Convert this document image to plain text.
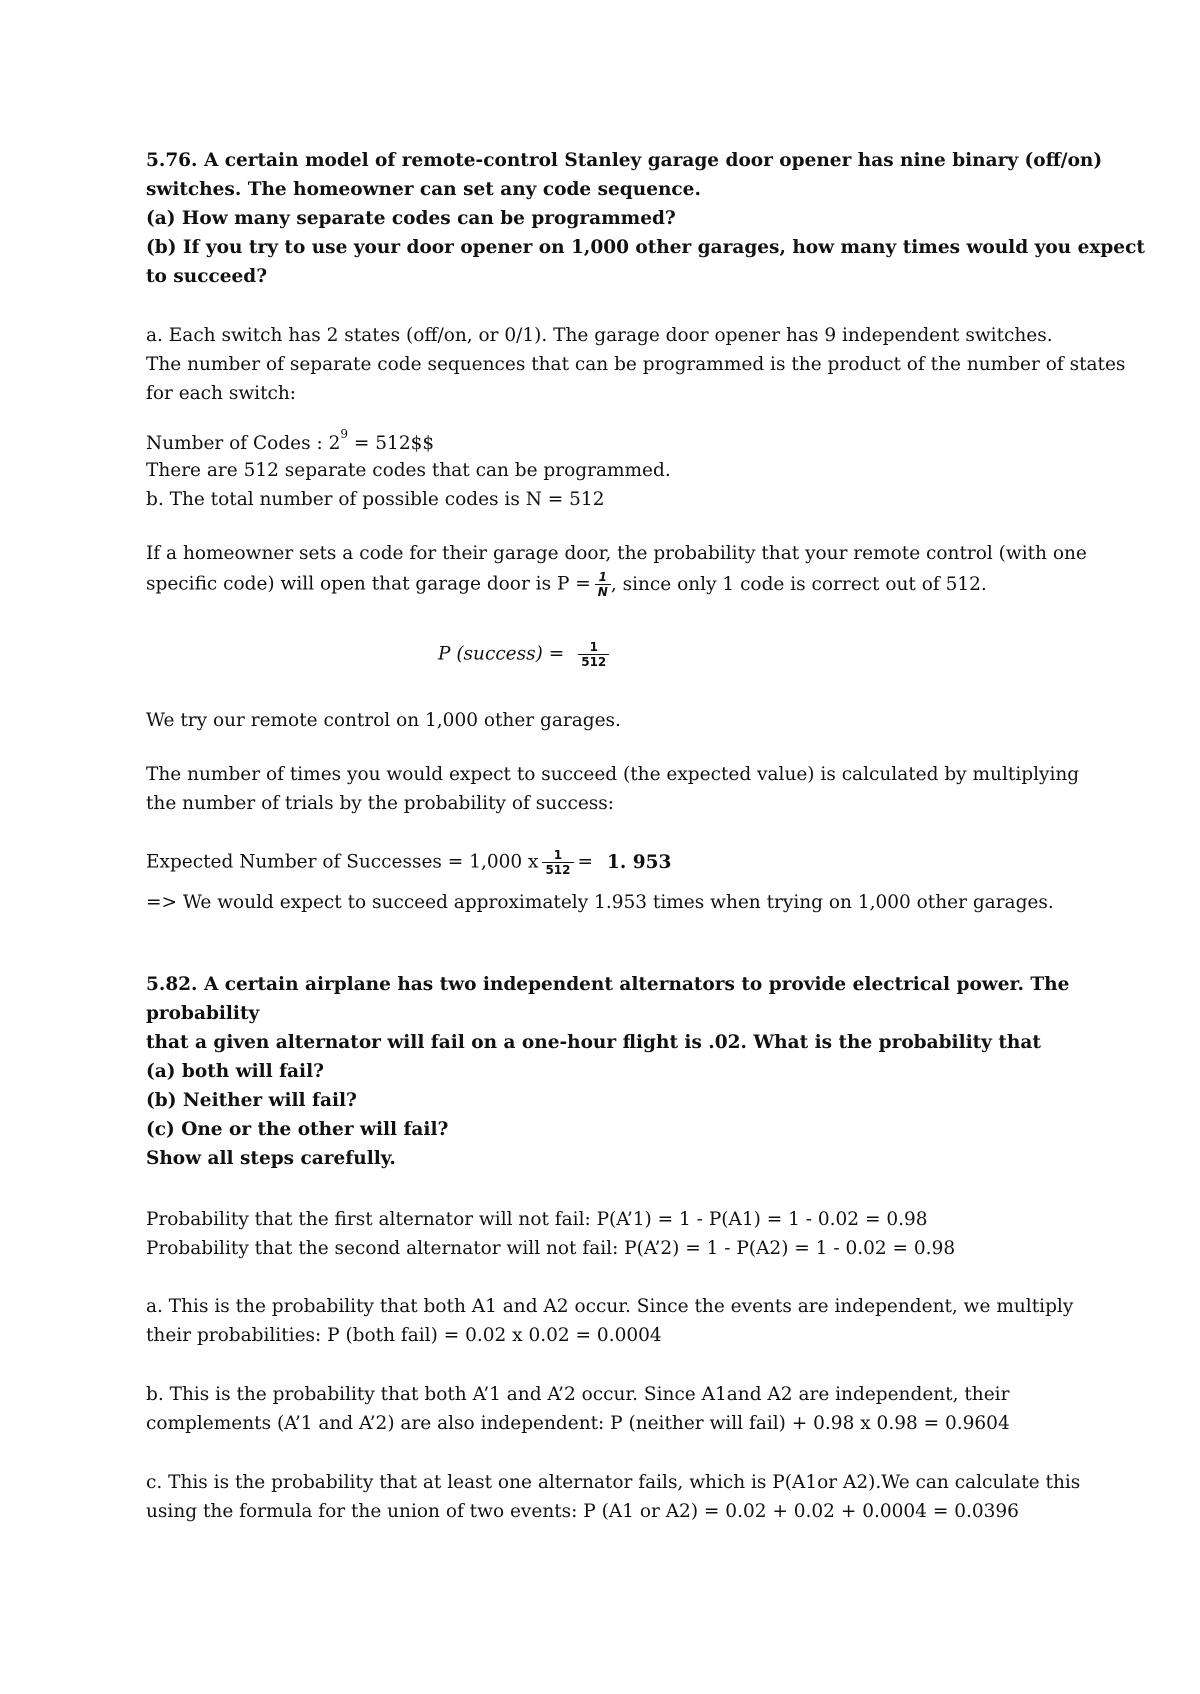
5.76. A certain model of remote-control Stanley garage door opener has nine binary (off/on)
switches. The homeowner can set any code sequence.
(a) How many separate codes can be programmed?
(b) If you try to use your door opener on 1,000 other garages, how many times would you expect
to succeed?
a. Each switch has 2 states (off/on, or 0/1). The garage door opener has 9 independent switches.
The number of separate code sequences that can be programmed is the product of the number of states
for each switch:
Number of Codes : $2^9$ = 512$$
There are 512 separate codes that can be programmed.
b. The total number of possible codes is N = 512
If a homeowner sets a code for their garage door, the probability that your remote control (with one
specific code) will open that garage door is $P = \frac{1}{N}$ , since only 1 code is correct out of 512.
P (success) = $\frac{1}{512}$
We try our remote control on 1,000 other garages.
The number of times you would expect to succeed (the expected value) is calculated by multiplying
the number of trials by the probability of success:
Expected Number of Successes = 1,000 x $\frac{1}{512} = 1$. 953
=> We would expect to succeed approximately 1.953 times when trying on 1,000 other garages.
5.82. A certain airplane has two independent alternators to provide electrical power. The
probability
that a given alternator will fail on a one-hour flight is .02. What is the probability that
(a) both will fail?
(b) Neither will fail?
(c) One or the other will fail?
Show all steps carefully.
Probability that the first alternator will not fail: P(A’1) = 1 - P(A1) = 1 - 0.02 = 0.98
Probability that the second alternator will not fail: P(A’2) = 1 - P(A2) = 1 - 0.02 = 0.98
a. This is the probability that both A1 and A2 occur. Since the events are independent, we multiply
their probabilities: P (both fail) = 0.02 x 0.02 = 0.0004
b. This is the probability that both A’1 and A’2 occur. Since A1and A2 are independent, their
complements (A’1 and A’2) are also independent: P (neither will fail) + 0.98 x 0.98 = 0.9604
c. This is the probability that at least one alternator fails, which is P(A1or A2).We can calculate this
using the formula for the union of two events: P (A1 or A2) = 0.02 + 0.02 + 0.0004 = 0.0396
